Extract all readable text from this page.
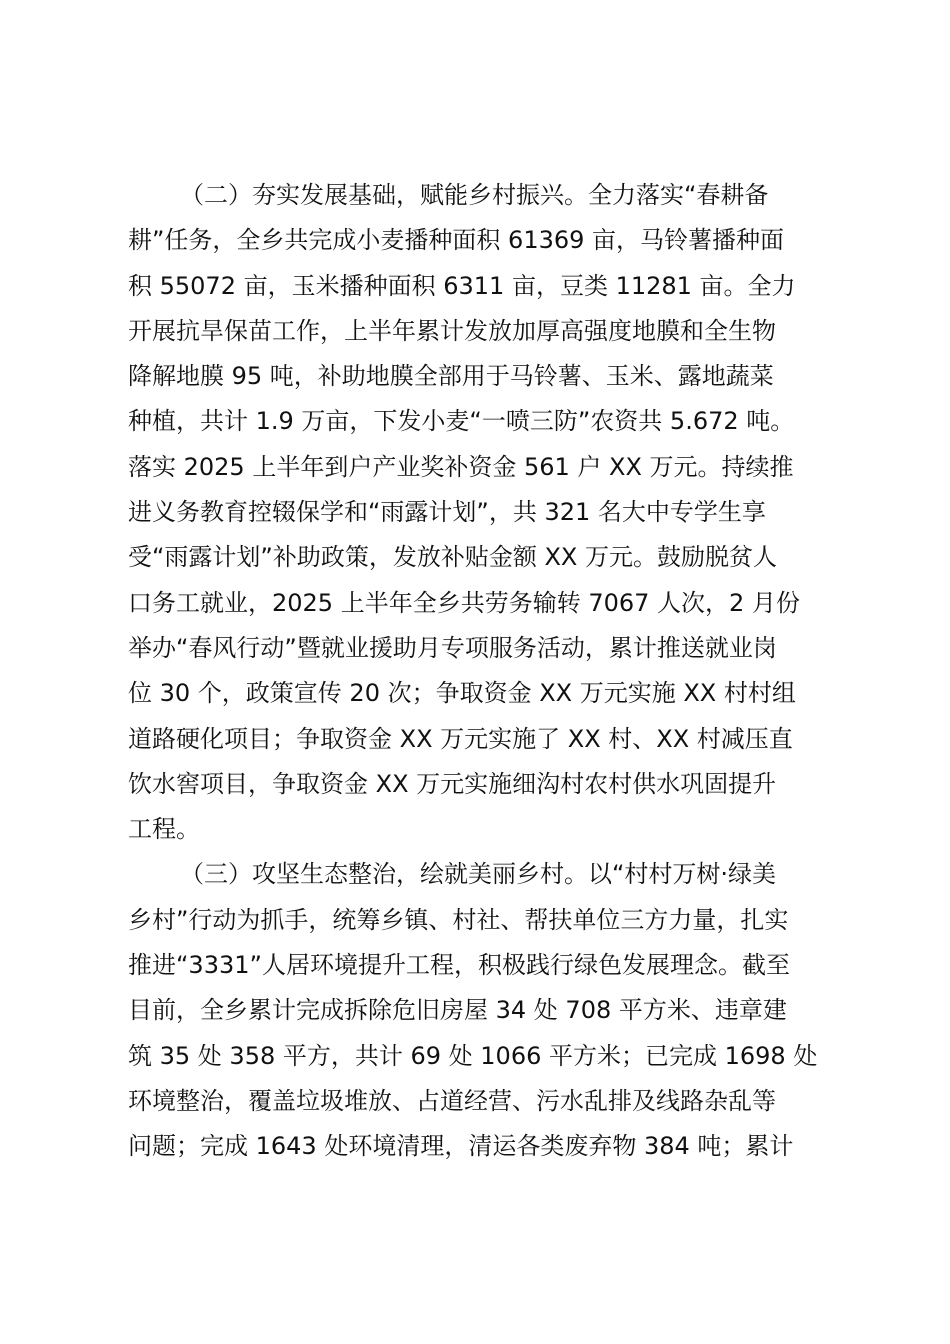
（二）夯实发展基础，赋能乡村振兴。全力落实“春耕备
耕”任务，全乡共完成小麦播种面积 61369 亩，马铃薯播种面
积 55072 亩，玉米播种面积 6311 亩，豆类 11281 亩。全力
开展抗旱保苗工作，上半年累计发放加厚高强度地膜和全生物
降解地膜 95 吨，补助地膜全部用于马铃薯、玉米、露地蔬菜
种植，共计 1.9 万亩，下发小麦“一喷三防”农资共 5.672 吨。
落实 2025 上半年到户产业奖补资金 561 户 XX 万元。持续推
进义务教育控辍保学和“雨露计划”，共 321 名大中专学生享
受“雨露计划”补助政策，发放补贴金额 XX 万元。鼓励脱贫人
口务工就业，2025 上半年全乡共劳务输转 7067 人次，2 月份
举办“春风行动”暨就业援助月专项服务活动，累计推送就业岗
位 30 个，政策宣传 20 次；争取资金 XX 万元实施 XX 村村组
道路硬化项目；争取资金 XX 万元实施了 XX 村、XX 村减压直
饮水窖项目，争取资金 XX 万元实施细沟村农村供水巩固提升
工程。
（三）攻坚生态整治，绘就美丽乡村。以“村村万树·绿美
乡村”行动为抓手，统筹乡镇、村社、帮扶单位三方力量，扎实
推进“3331”人居环境提升工程，积极践行绿色发展理念。截至
目前，全乡累计完成拆除危旧房屋 34 处 708 平方米、违章建
筑 35 处 358 平方，共计 69 处 1066 平方米；已完成 1698 处
环境整治，覆盖垃圾堆放、占道经营、污水乱排及线路杂乱等
问题；完成 1643 处环境清理，清运各类废弃物 384 吨；累计
